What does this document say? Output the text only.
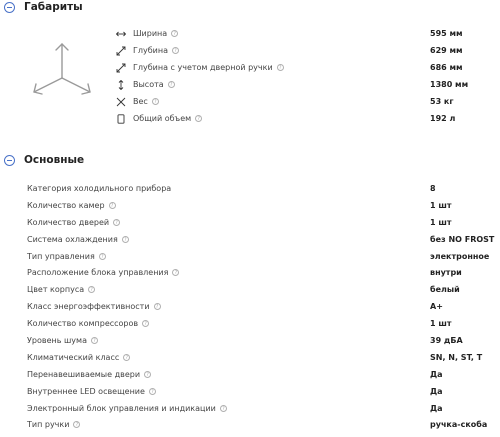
Габариты
Ширина ?	595 мм
Глубина ?	629 мм
Глубина с учетом дверной ручки ?	686 мм
Высота ?	1380 мм
Вес ?	53 кг
Общий объем ?	192 л
Основные
Категория холодильного прибора	8
Количество камер ?	1 шт
Количество дверей ?	1 шт
Система охлаждения ?	без NO FROST
Тип управления ?	электронное
Расположение блока управления ?	внутри
Цвет корпуса ?	белый
Класс энергоэффективности ?	A+
Количество компрессоров ?	1 шт
Уровень шума ?	39 дБА
Климатический класс ?	SN, N, ST, T
Перенавешиваемые двери ?	Да
Внутреннее LED освещение ?	Да
Электронный блок управления и индикации ?	Да
Тип ручки ?	ручка-скоба
